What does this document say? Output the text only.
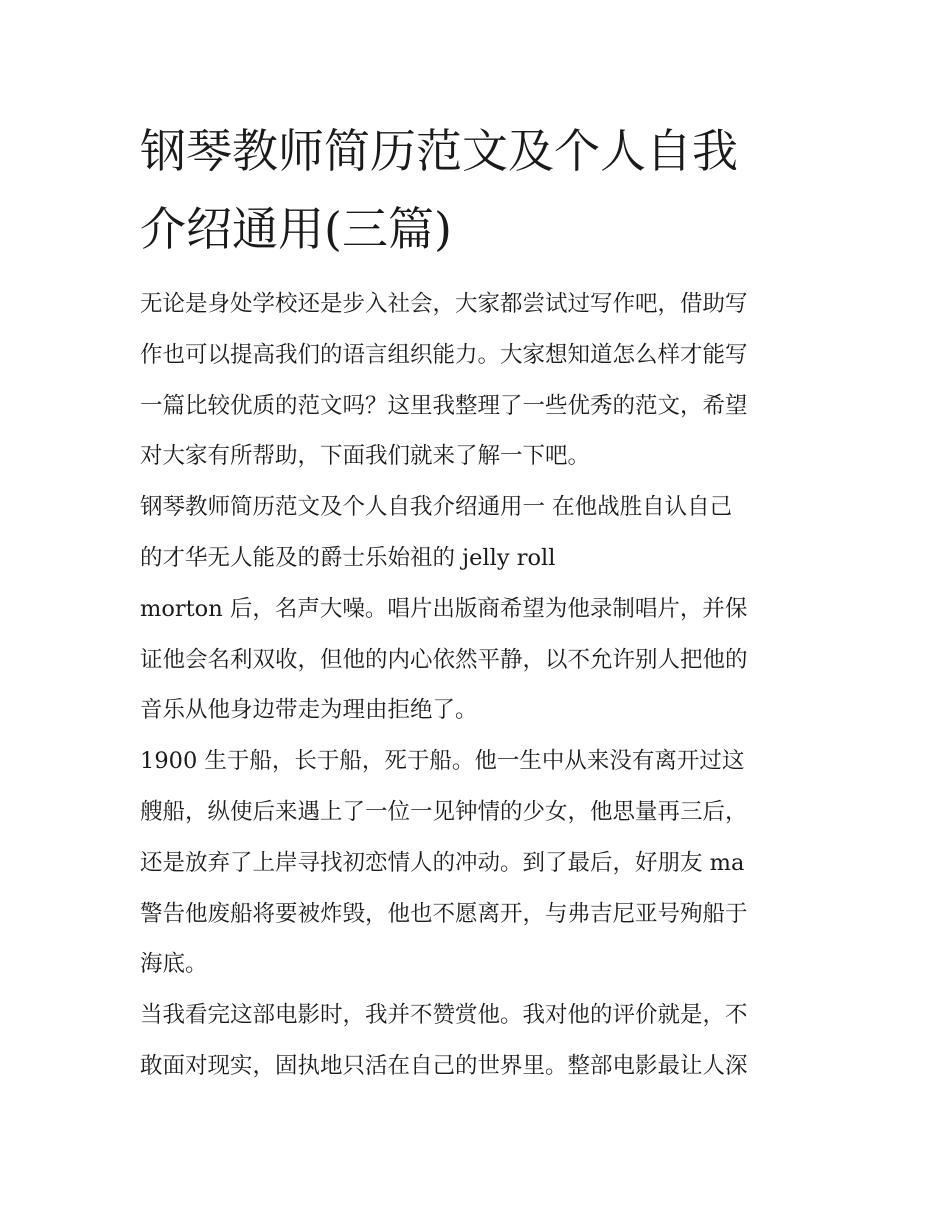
钢琴教师简历范文及个人自我
介绍通用(三篇)
无论是身处学校还是步入社会，大家都尝试过写作吧，借助写
作也可以提高我们的语言组织能力。大家想知道怎么样才能写
一篇比较优质的范文吗？这里我整理了一些优秀的范文，希望
对大家有所帮助，下面我们就来了解一下吧。
钢琴教师简历范文及个人自我介绍通用一 在他战胜自认自己
的才华无人能及的爵士乐始祖的 jelly roll
morton 后，名声大噪。唱片出版商希望为他录制唱片，并保
证他会名利双收，但他的内心依然平静，以不允许别人把他的
音乐从他身边带走为理由拒绝了。
1900 生于船，长于船，死于船。他一生中从来没有离开过这
艘船，纵使后来遇上了一位一见钟情的少女，他思量再三后，
还是放弃了上岸寻找初恋情人的冲动。到了最后，好朋友 ma
警告他废船将要被炸毁，他也不愿离开，与弗吉尼亚号殉船于
海底。
当我看完这部电影时，我并不赞赏他。我对他的评价就是，不
敢面对现实，固执地只活在自己的世界里。整部电影最让人深
